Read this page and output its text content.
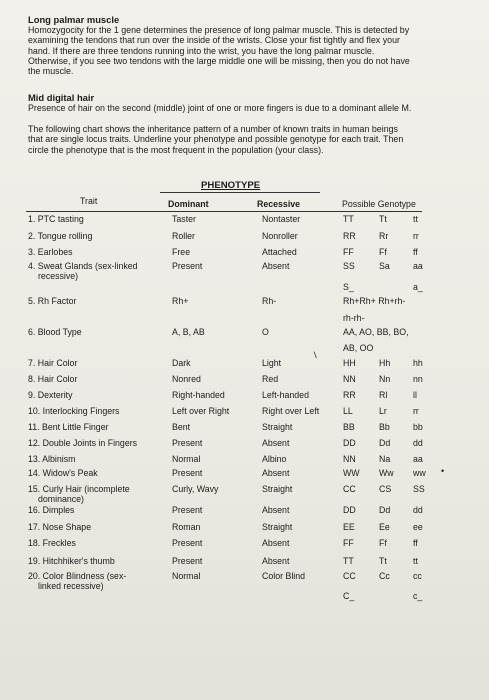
Long palmar muscle
Homozygocity for the 1 gene determines the presence of long palmar muscle. This is detected by
examining the tendons that run over the inside of the wrists. Close your fist tightly and flex your
hand. If there are three tendons running into the wrist, you have the long palmar muscle.
Otherwise, if you see two tendons with the large middle one will be missing, then you do not have
the muscle.
Mid digital hair
Presence of hair on the second (middle) joint of one or more fingers is due to a dominant allele M.
The following chart shows the inheritance pattern of a number of known traits in human beings
that are single locus traits. Underline your phenotype and possible genotype for each trait. Then
circle the phenotype that is the most frequent in the population (your class).
PHENOTYPE
Trait	Dominant	Recessive	Possible Genotype
1. PTC tasting	Taster	Nontaster	TT	Tt	tt
2. Tongue rolling	Roller	Nonroller	RR	Rr	rr
3. Earlobes	Free	Attached	FF	Ff	ff
4. Sweat Glands (sex-linked
recessive)
Present	Absent	SS	Sa	aa
S_	a_
5. Rh Factor	Rh+	Rh-	Rh+Rh+ Rh+rh-
rh-rh-
6. Blood Type	A, B, AB	O	AA, AO, BB, BO,
AB, OO
7. Hair Color	Dark	Light	HH	Hh	hh
8. Hair Color	Nonred	Red	NN	Nn	nn
9. Dexterity	Right-handed	Left-handed	RR	Rl	ll
10. Interlocking Fingers	Left over Right	Right over Left	LL	Lr	rr
11. Bent Little Finger	Bent	Straight	BB	Bb	bb
12. Double Joints in Fingers	Present	Absent	DD	Dd	dd
13. Albinism	Normal	Albino	NN	Na	aa
14. Widow's Peak	Present	Absent	WW Ww ww
15. Curly Hair (incomplete
dominance)
Curly, Wavy	Straight	CC	CS SS
16. Dimples	Present	Absent	DD	Dd	dd
17. Nose Shape	Roman	Straight	EE	Ee	ee
18. Freckles	Present	Absent	FF	Ff	ff
19. Hitchhiker's thumb	Present	Absent	TT	Tt	tt
20. Color Blindness (sex-
linked recessive)
Normal	Color Blind	CC	Cc	cc
C_	c_
/
•
